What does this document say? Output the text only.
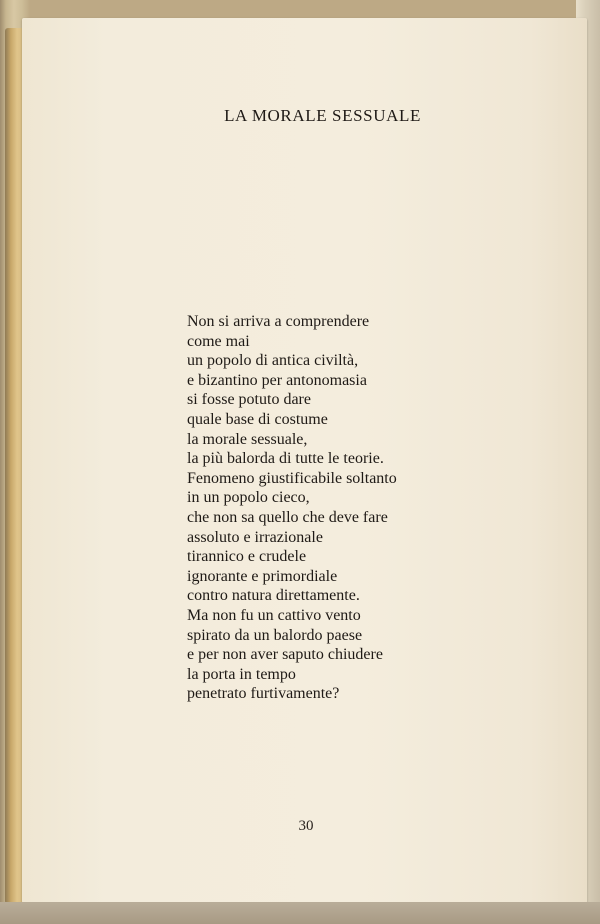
LA MORALE SESSUALE
Non si arriva a comprendere
come mai
un popolo di antica civiltà,
e bizantino per antonomasia
si fosse potuto dare
quale base di costume
la morale sessuale,
la più balorda di tutte le teorie.
Fenomeno giustificabile soltanto
in un popolo cieco,
che non sa quello che deve fare
assoluto e irrazionale
tirannico e crudele
ignorante e primordiale
contro natura direttamente.
Ma non fu un cattivo vento
spirato da un balordo paese
e per non aver saputo chiudere
la porta in tempo
penetrato furtivamente?
30
